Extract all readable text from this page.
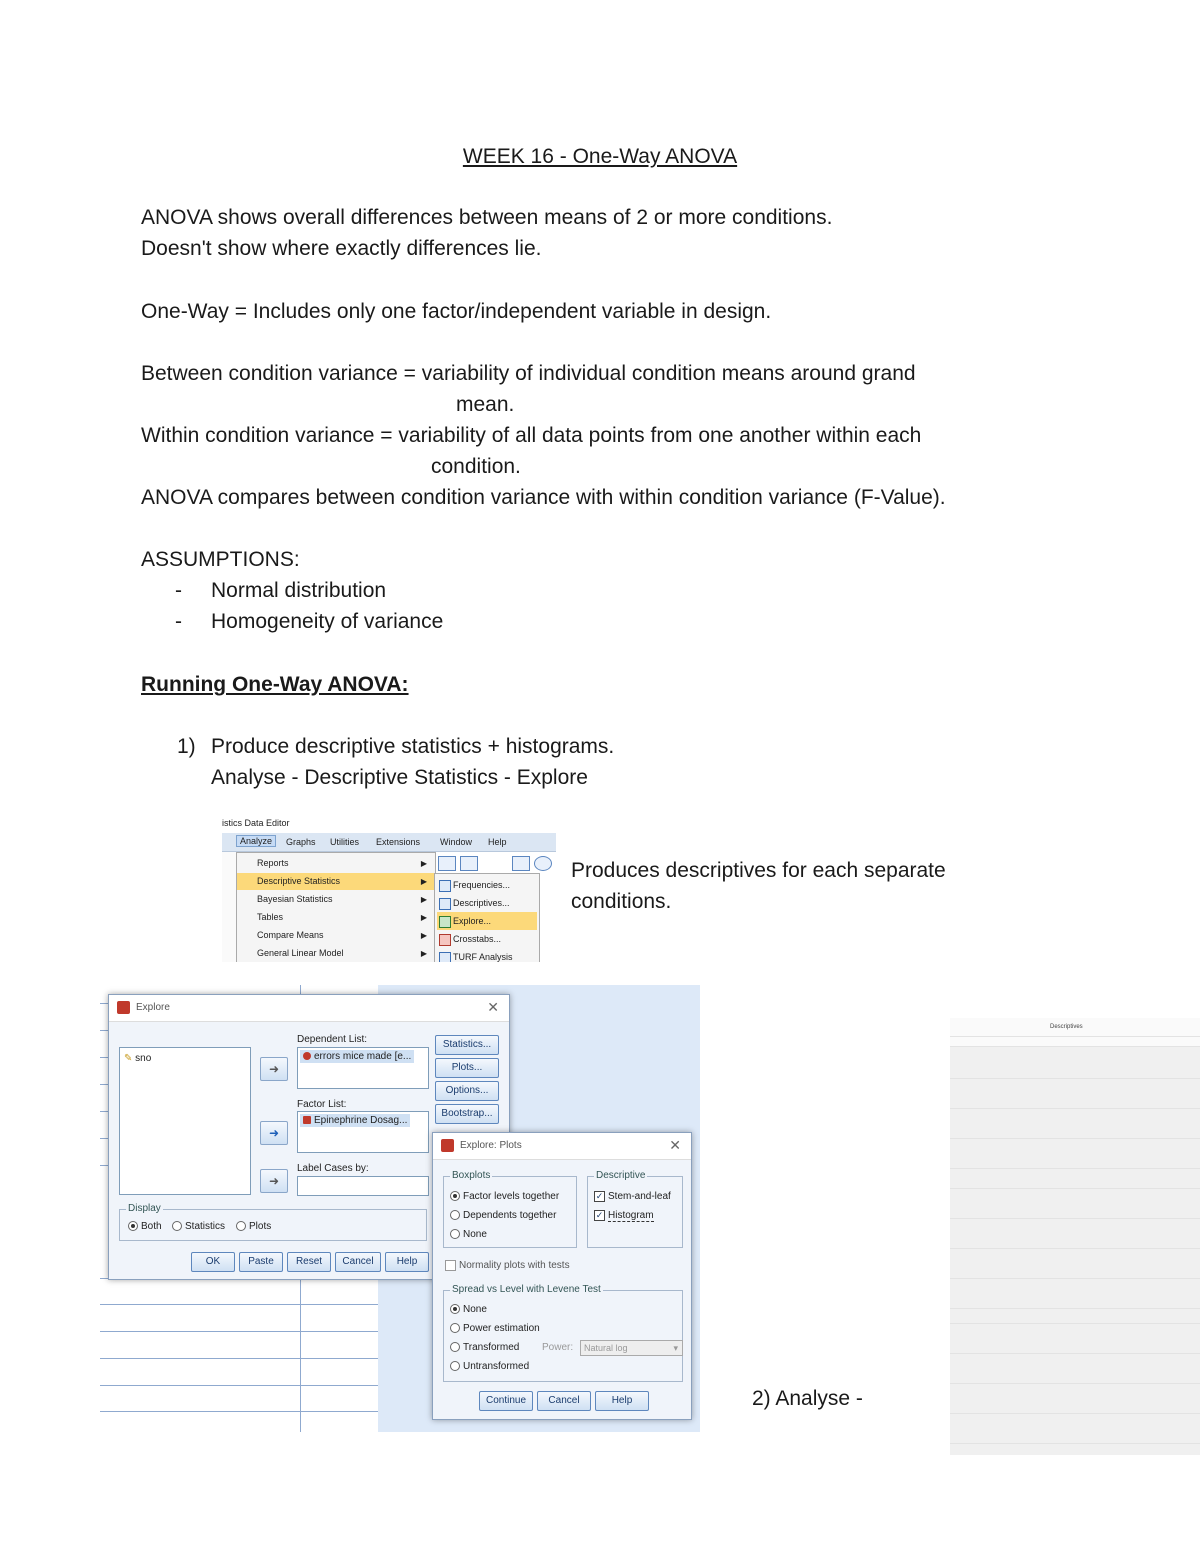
WEEK 16 - One-Way ANOVA
ANOVA shows overall differences between means of 2 or more conditions.
Doesn't show where exactly differences lie.
One-Way = Includes only one factor/independent variable in design.
Between condition variance = variability of individual condition means around grand
mean.
Within condition variance = variability of all data points from one another within each
condition.
ANOVA compares between condition variance with within condition variance (F-Value).
ASSUMPTIONS:
- Normal distribution
- Homogeneity of variance
Running One-Way ANOVA:
1) Produce descriptive statistics + histograms.
Analyse - Descriptive Statistics - Explore
Produces descriptives for each separate
conditions.
2) Analyse -
istics Data Editor
Analyze	Graphs Utilities Extensions Window Help
Reports	▶
Descriptive Statistics	▶
Bayesian Statistics	▶
Tables	▶
Compare Means	▶
General Linear Model	▶
Frequencies...
Descriptives...
Explore...
Crosstabs...
TURF Analysis
Explore	✕
✎ sno
➜
➜
➜
Dependent List:
errors mice made [e...
Factor List:
Epinephrine Dosag...
Label Cases by:
Statistics...
Plots...
Options...
Bootstrap...
Display
Both	Statistics	Plots
OK	Paste	Reset	Cancel	Help
Explore: Plots	✕
Boxplots
Factor levels together
Dependents together
None
Descriptive
✓ Stem-and-leaf
✓ Histogram
Normality plots with tests
Spread vs Level with Levene Test
None
Power estimation
Transformed Power:	Natural log	▾
Untransformed
Continue	Cancel	Help
Descriptives
